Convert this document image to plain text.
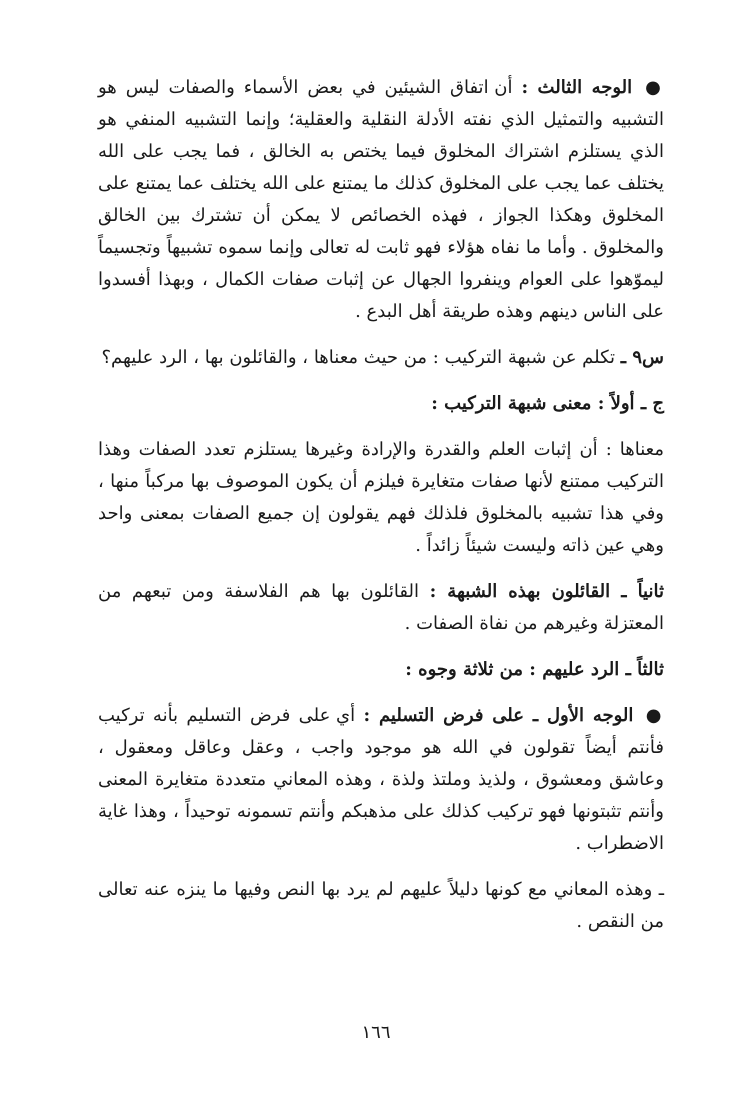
● الوجه الثالث : أن اتفاق الشيئين في بعض الأسماء والصفات ليس هو التشبيه والتمثيل الذي نفته الأدلة النقلية والعقلية؛ وإنما التشبيه المنفي هو الذي يستلزم اشتراك المخلوق فيما يختص به الخالق ، فما يجب على الله يختلف عما يجب على المخلوق كذلك ما يمتنع على الله يختلف عما يمتنع على المخلوق وهكذا الجواز ، فهذه الخصائص لا يمكن أن تشترك بين الخالق والمخلوق . وأما ما نفاه هؤلاء فهو ثابت له تعالى وإنما سموه تشبيهاً وتجسيماً ليموّهوا على العوام وينفروا الجهال عن إثبات صفات الكمال ، وبهذا أفسدوا على الناس دينهم وهذه طريقة أهل البدع .

س٩ ـ تكلم عن شبهة التركيب : من حيث معناها ، والقائلون بها ، الرد عليهم؟

ج ـ أولاً : معنى شبهة التركيب :

معناها : أن إثبات العلم والقدرة والإرادة وغيرها يستلزم تعدد الصفات وهذا التركيب ممتنع لأنها صفات متغايرة فيلزم أن يكون الموصوف بها مركباً منها ، وفي هذا تشبيه بالمخلوق فلذلك فهم يقولون إن جميع الصفات بمعنى واحد وهي عين ذاته وليست شيئاً زائداً .

ثانياً ـ القائلون بهذه الشبهة : القائلون بها هم الفلاسفة ومن تبعهم من المعتزلة وغيرهم من نفاة الصفات .

ثالثاً ـ الرد عليهم : من ثلاثة وجوه :

● الوجه الأول ـ على فرض التسليم : أي على فرض التسليم بأنه تركيب فأنتم أيضاً تقولون في الله هو موجود واجب ، وعقل وعاقل ومعقول ، وعاشق ومعشوق ، ولذيذ وملتذ ولذة ، وهذه المعاني متعددة متغايرة المعنى وأنتم تثبتونها فهو تركيب كذلك على مذهبكم وأنتم تسمونه توحيداً ، وهذا غاية الاضطراب .

ـ وهذه المعاني مع كونها دليلاً عليهم لم يرد بها النص وفيها ما ينزه عنه تعالى من النقص .

١٦٦
